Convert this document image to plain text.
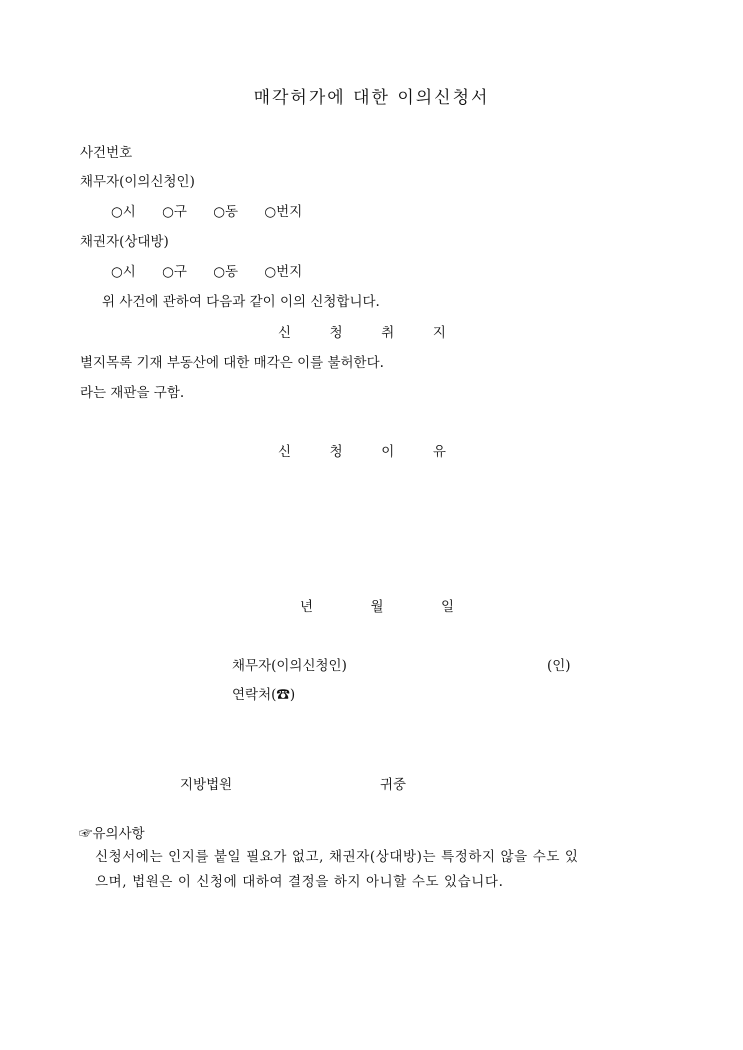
매각허가에 대한 이의신청서
사건번호
채무자(이의신청인)
○시 ○구 ○동 ○번지
채권자(상대방)
○시 ○구 ○동 ○번지
위 사건에 관하여 다음과 같이 이의 신청합니다.
신	청	취	지
별지목록 기재 부동산에 대한 매각은 이를 불허한다.
라는 재판을 구함.
신	청	이	유
년	월	일
채무자(이의신청인)	(인)
연락처(☎)
지방법원	귀중
☞유의사항
신청서에는 인지를 붙일 필요가 없고, 채권자(상대방)는 특정하지 않을 수도 있
으며, 법원은 이 신청에 대하여 결정을 하지 아니할 수도 있습니다.
